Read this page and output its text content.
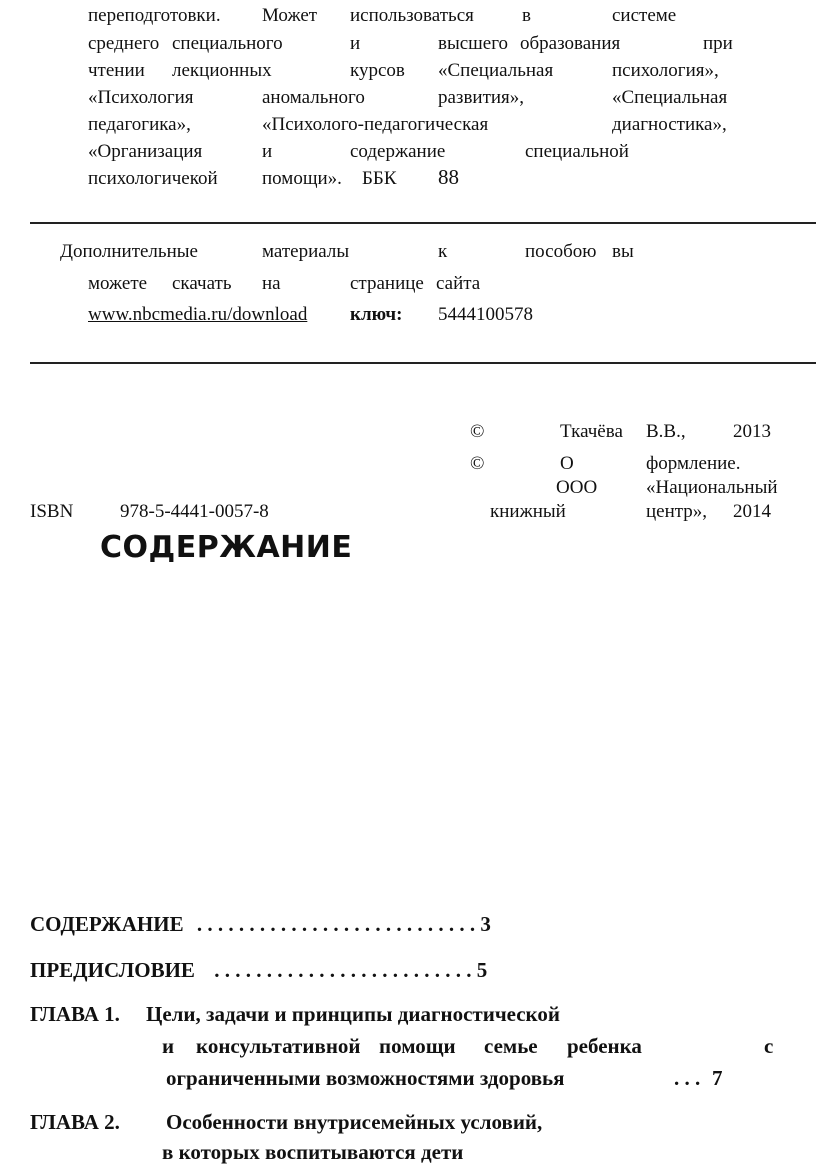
переподготовки. Может использоваться	в	системе
среднего специального	и	высшего образования	при
чтении лекционных	курсов «Специальная	психология»,
«Психология	аномального	развития»,	«Специальная
педагогика»,	«Психолого-педагогическая	диагностика»,
«Организация	и	содержание	специальной
психологичекой помощи». ББК 88
Дополнительные	материалы	к	пособою вы
можете скачать на	странице сайта
www.nbcmedia.ru/download ключ: 5444100578
©	Ткачёва В.В., 2013
©	О	формление.
ООО	«Национальный
книжный	центр», 2014
ISBN 978-5-4441-0057-8
СОДЕРЖАНИЕ
СОДЕРЖАНИЕ . . . . . . . . . . . . . . . . . . . . . . . . . . . 3
ПРЕДИСЛОВИЕ . . . . . . . . . . . . . . . . . . . . . . . . . 5
ГЛАВА 1. Цели, задачи и принципы диагностической
и консультативной помощи семье ребенка	с
ограниченными возможностями здоровья	. . . 7
ГЛАВА 2. Особенности внутрисемейных условий,
в которых воспитываются дети
